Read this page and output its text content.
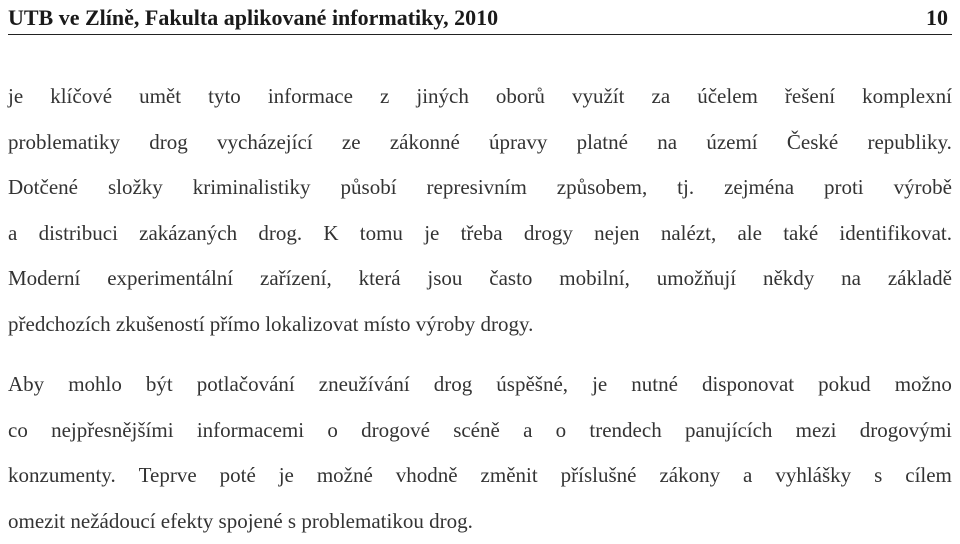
UTB ve Zlíně, Fakulta aplikované informatiky, 2010	10
je klíčové umět tyto informace z jiných oborů využít za účelem řešení komplexní
problematiky drog vycházející ze zákonné úpravy platné na území České republiky.
Dotčené složky kriminalistiky působí represivním způsobem, tj. zejména proti výrobě
a distribuci zakázaných drog. K tomu je třeba drogy nejen nalézt, ale také identifikovat.
Moderní experimentální zařízení, která jsou často mobilní, umožňují někdy na základě
předchozích zkušeností přímo lokalizovat místo výroby drogy.
Aby mohlo být potlačování zneužívání drog úspěšné, je nutné disponovat pokud možno
co nejpřesnějšími informacemi o drogové scéně a o trendech panujících mezi drogovými
konzumenty. Teprve poté je možné vhodně změnit příslušné zákony a vyhlášky s cílem
omezit nežádoucí efekty spojené s problematikou drog.
